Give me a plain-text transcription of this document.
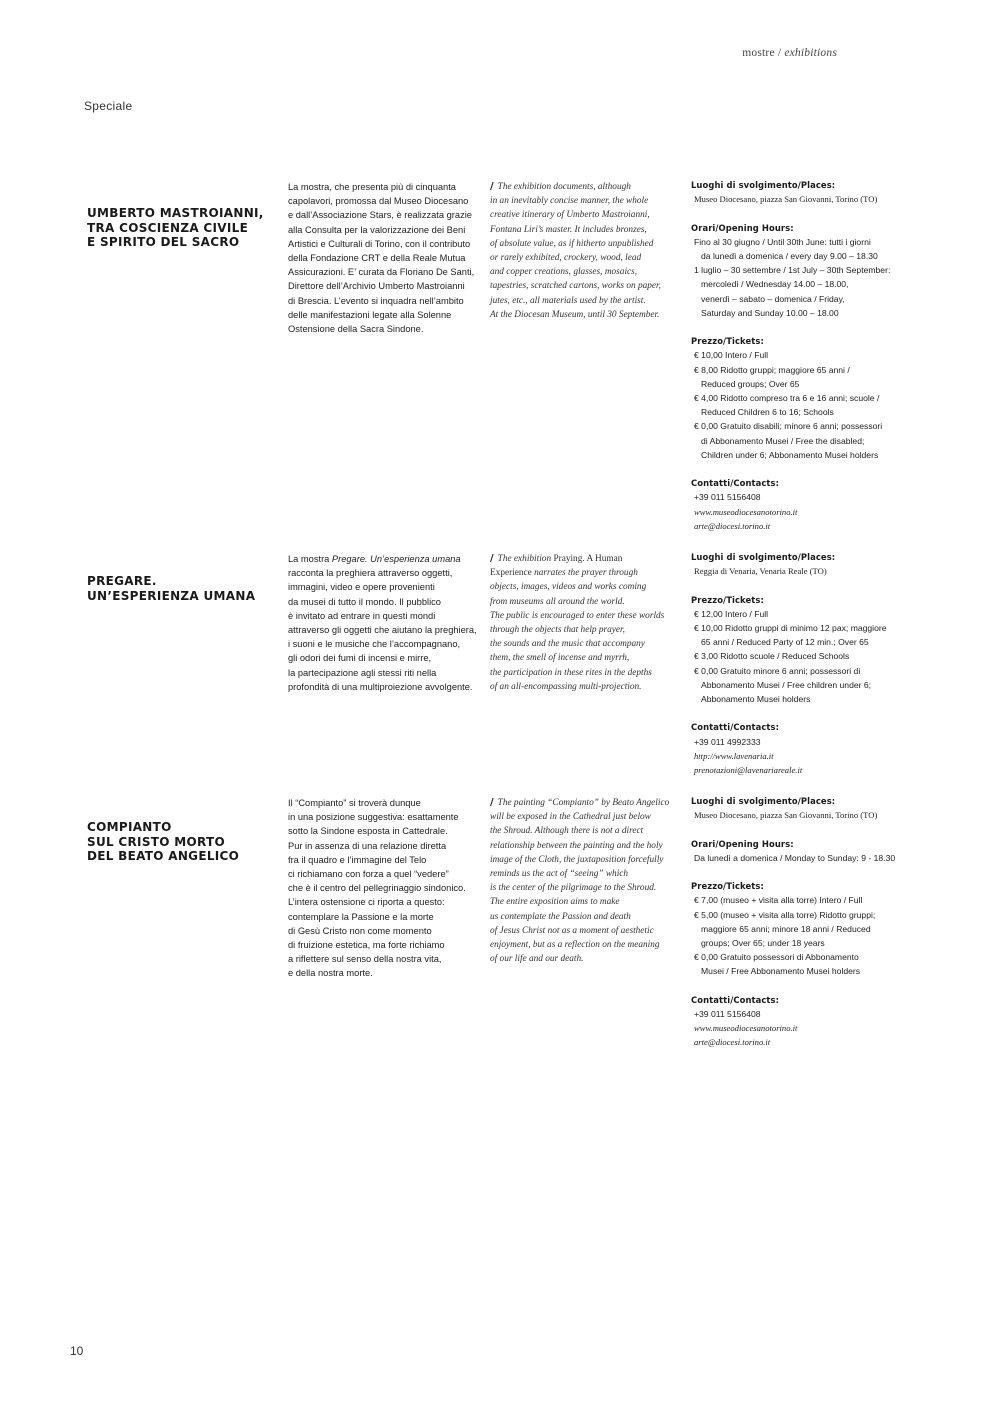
mostre / exhibitions
Speciale
UMBERTO MASTROIANNI,
TRA COSCIENZA CIVILE
E SPIRITO DEL SACRO
La mostra, che presenta più di cinquanta
capolavori, promossa dal Museo Diocesano
e dall’Associazione Stars, è realizzata grazie
alla Consulta per la valorizzazione dei Beni
Artistici e Culturali di Torino, con il contributo
della Fondazione CRT e della Reale Mutua
Assicurazioni. E’ curata da Floriano De Santi,
Direttore dell’Archivio Umberto Mastroianni
di Brescia. L’evento si inquadra nell’ambito
delle manifestazioni legate alla Solenne
Ostensione della Sacra Sindone.
/ The exhibition documents, although
in an inevitably concise manner, the whole
creative itinerary of Umberto Mastroianni,
Fontana Liri’s master. It includes bronzes,
of absolute value, as if hitherto unpublished
or rarely exhibited, crockery, wood, lead
and copper creations, glasses, mosaics,
tapestries, scratched cartons, works on paper,
jutes, etc., all materials used by the artist.
At the Diocesan Museum, until 30 September.
Luoghi di svolgimento/Places:
Museo Diocesano, piazza San Giovanni, Torino (TO)
Orari/Opening Hours:
Fino al 30 giugno / Until 30th June: tutti i giorni
da lunedì a domenica / every day 9.00 – 18.30
1 luglio – 30 settembre / 1st July – 30th September:
mercoledì / Wednesday 14.00 – 18.00,
venerdì – sabato – domenica / Friday,
Saturday and Sunday 10.00 – 18.00
Prezzo/Tickets:
€ 10,00 Intero / Full
€ 8,00 Ridotto gruppi; maggiore 65 anni /
Reduced groups; Over 65
€ 4,00 Ridotto compreso tra 6 e 16 anni; scuole /
Reduced Children 6 to 16; Schools
€ 0,00 Gratuito disabili; minore 6 anni; possessori
di Abbonamento Musei / Free the disabled;
Children under 6; Abbonamento Musei holders
Contatti/Contacts:
+39 011 5156408
www.museodiocesanotorino.it
arte@diocesi.torino.it
PREGARE.
UN’ESPERIENZA UMANA
La mostra Pregare. Un’esperienza umana
racconta la preghiera attraverso oggetti,
immagini, video e opere provenienti
da musei di tutto il mondo. Il pubblico
è invitato ad entrare in questi mondi
attraverso gli oggetti che aiutano la preghiera,
i suoni e le musiche che l’accompagnano,
gli odori dei fumi di incensi e mirre,
la partecipazione agli stessi riti nella
profondità di una multiproiezione avvolgente.
/ The exhibition Praying. A Human
Experience narrates the prayer through
objects, images, videos and works coming
from museums all around the world.
The public is encouraged to enter these worlds
through the objects that help prayer,
the sounds and the music that accompany
them, the smell of incense and myrrh,
the participation in these rites in the depths
of an all-encompassing multi-projection.
Luoghi di svolgimento/Places:
Reggia di Venaria, Venaria Reale (TO)
Prezzo/Tickets:
€ 12,00 Intero / Full
€ 10,00 Ridotto gruppi di minimo 12 pax; maggiore
65 anni / Reduced Party of 12 min.; Over 65
€ 3,00 Ridotto scuole / Reduced Schools
€ 0,00 Gratuito minore 6 anni; possessori di
Abbonamento Musei / Free children under 6;
Abbonamento Musei holders
Contatti/Contacts:
+39 011 4992333
http://www.lavenaria.it
prenotazioni@lavenariareale.it
COMPIANTO
SUL CRISTO MORTO
DEL BEATO ANGELICO
Il “Compianto” si troverà dunque
in una posizione suggestiva: esattamente
sotto la Sindone esposta in Cattedrale.
Pur in assenza di una relazione diretta
fra il quadro e l’immagine del Telo
ci richiamano con forza a quel “vedere”
che è il centro del pellegrinaggio sindonico.
L’intera ostensione ci riporta a questo:
contemplare la Passione e la morte
di Gesù Cristo non come momento
di fruizione estetica, ma forte richiamo
a riflettere sul senso della nostra vita,
e della nostra morte.
/ The painting “Compianto” by Beato Angelico
will be exposed in the Cathedral just below
the Shroud. Although there is not a direct
relationship between the painting and the holy
image of the Cloth, the juxtaposition forcefully
reminds us the act of “seeing” which
is the center of the pilgrimage to the Shroud.
The entire exposition aims to make
us contemplate the Passion and death
of Jesus Christ not as a moment of aesthetic
enjoyment, but as a reflection on the meaning
of our life and our death.
Luoghi di svolgimento/Places:
Museo Diocesano, piazza San Giovanni, Torino (TO)
Orari/Opening Hours:
Da lunedì a domenica / Monday to Sunday: 9 - 18.30
Prezzo/Tickets:
€ 7,00 (museo + visita alla torre) Intero / Full
€ 5,00 (museo + visita alla torre) Ridotto gruppi;
maggiore 65 anni; minore 18 anni / Reduced
groups; Over 65; under 18 years
€ 0,00 Gratuito possessori di Abbonamento
Musei / Free Abbonamento Musei holders
Contatti/Contacts:
+39 011 5156408
www.museodiocesanotorino.it
arte@diocesi.torino.it
10
